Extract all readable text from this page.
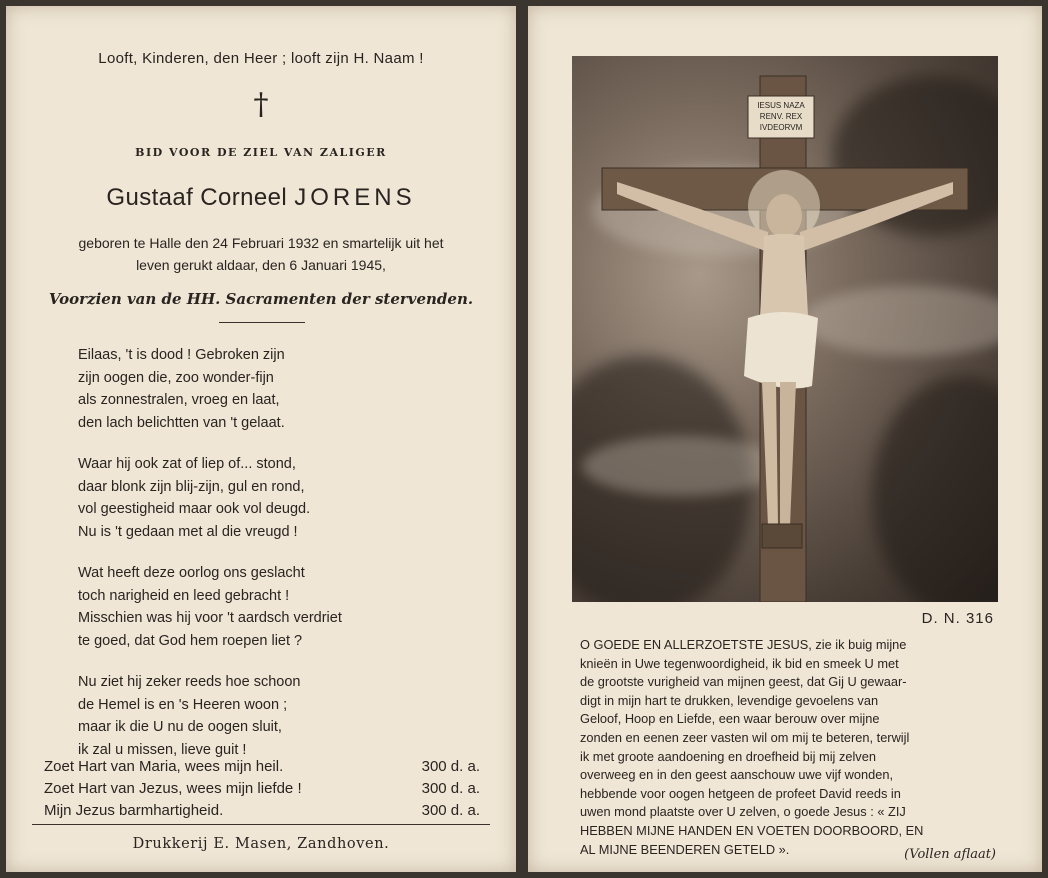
Looft, Kinderen, den Heer ; looft zijn H. Naam !
†
BID VOOR DE ZIEL VAN ZALIGER
Gustaaf Corneel JORENS
geboren te Halle den 24 Februari 1932 en smartelijk uit het
leven gerukt aldaar, den 6 Januari 1945,
Voorzien van de HH. Sacramenten der stervenden.
Eilaas, 't is dood ! Gebroken zijn
zijn oogen die, zoo wonder-fijn
als zonnestralen, vroeg en laat,
den lach belichtten van 't gelaat.
Waar hij ook zat of liep of... stond,
daar blonk zijn blij-zijn, gul en rond,
vol geestigheid maar ook vol deugd.
Nu is 't gedaan met al die vreugd !
Wat heeft deze oorlog ons geslacht
toch narigheid en leed gebracht !
Misschien was hij voor 't aardsch verdriet
te goed, dat God hem roepen liet ?
Nu ziet hij zeker reeds hoe schoon
de Hemel is en 's Heeren woon ;
maar ik die U nu de oogen sluit,
ik zal u missen, lieve guit !
Zoet Hart van Maria, wees mijn heil.	300 d. a.
Zoet Hart van Jezus, wees mijn liefde !	300 d. a.
Mijn Jezus barmhartigheid.	300 d. a.
Drukkerij E. Masen, Zandhoven.
IESUS NAZA
RENV. REX
IVDEORVM
D. N. 316
O GOEDE EN ALLERZOETSTE JESUS, zie ik buig mijne
knieën in Uwe tegenwoordigheid, ik bid en smeek U met
de grootste vurigheid van mijnen geest, dat Gij U gewaar-
digt in mijn hart te drukken, levendige gevoelens van
Geloof, Hoop en Liefde, een waar berouw over mijne
zonden en eenen zeer vasten wil om mij te beteren, terwijl
ik met groote aandoening en droefheid bij mij zelven
overweeg en in den geest aanschouw uwe vijf wonden,
hebbende voor oogen hetgeen de profeet David reeds in
uwen mond plaatste over U zelven, o goede Jesus : « ZIJ
HEBBEN MIJNE HANDEN EN VOETEN DOORBOORD, EN
AL MIJNE BEENDEREN GETELD ».	(Vollen aflaat)
